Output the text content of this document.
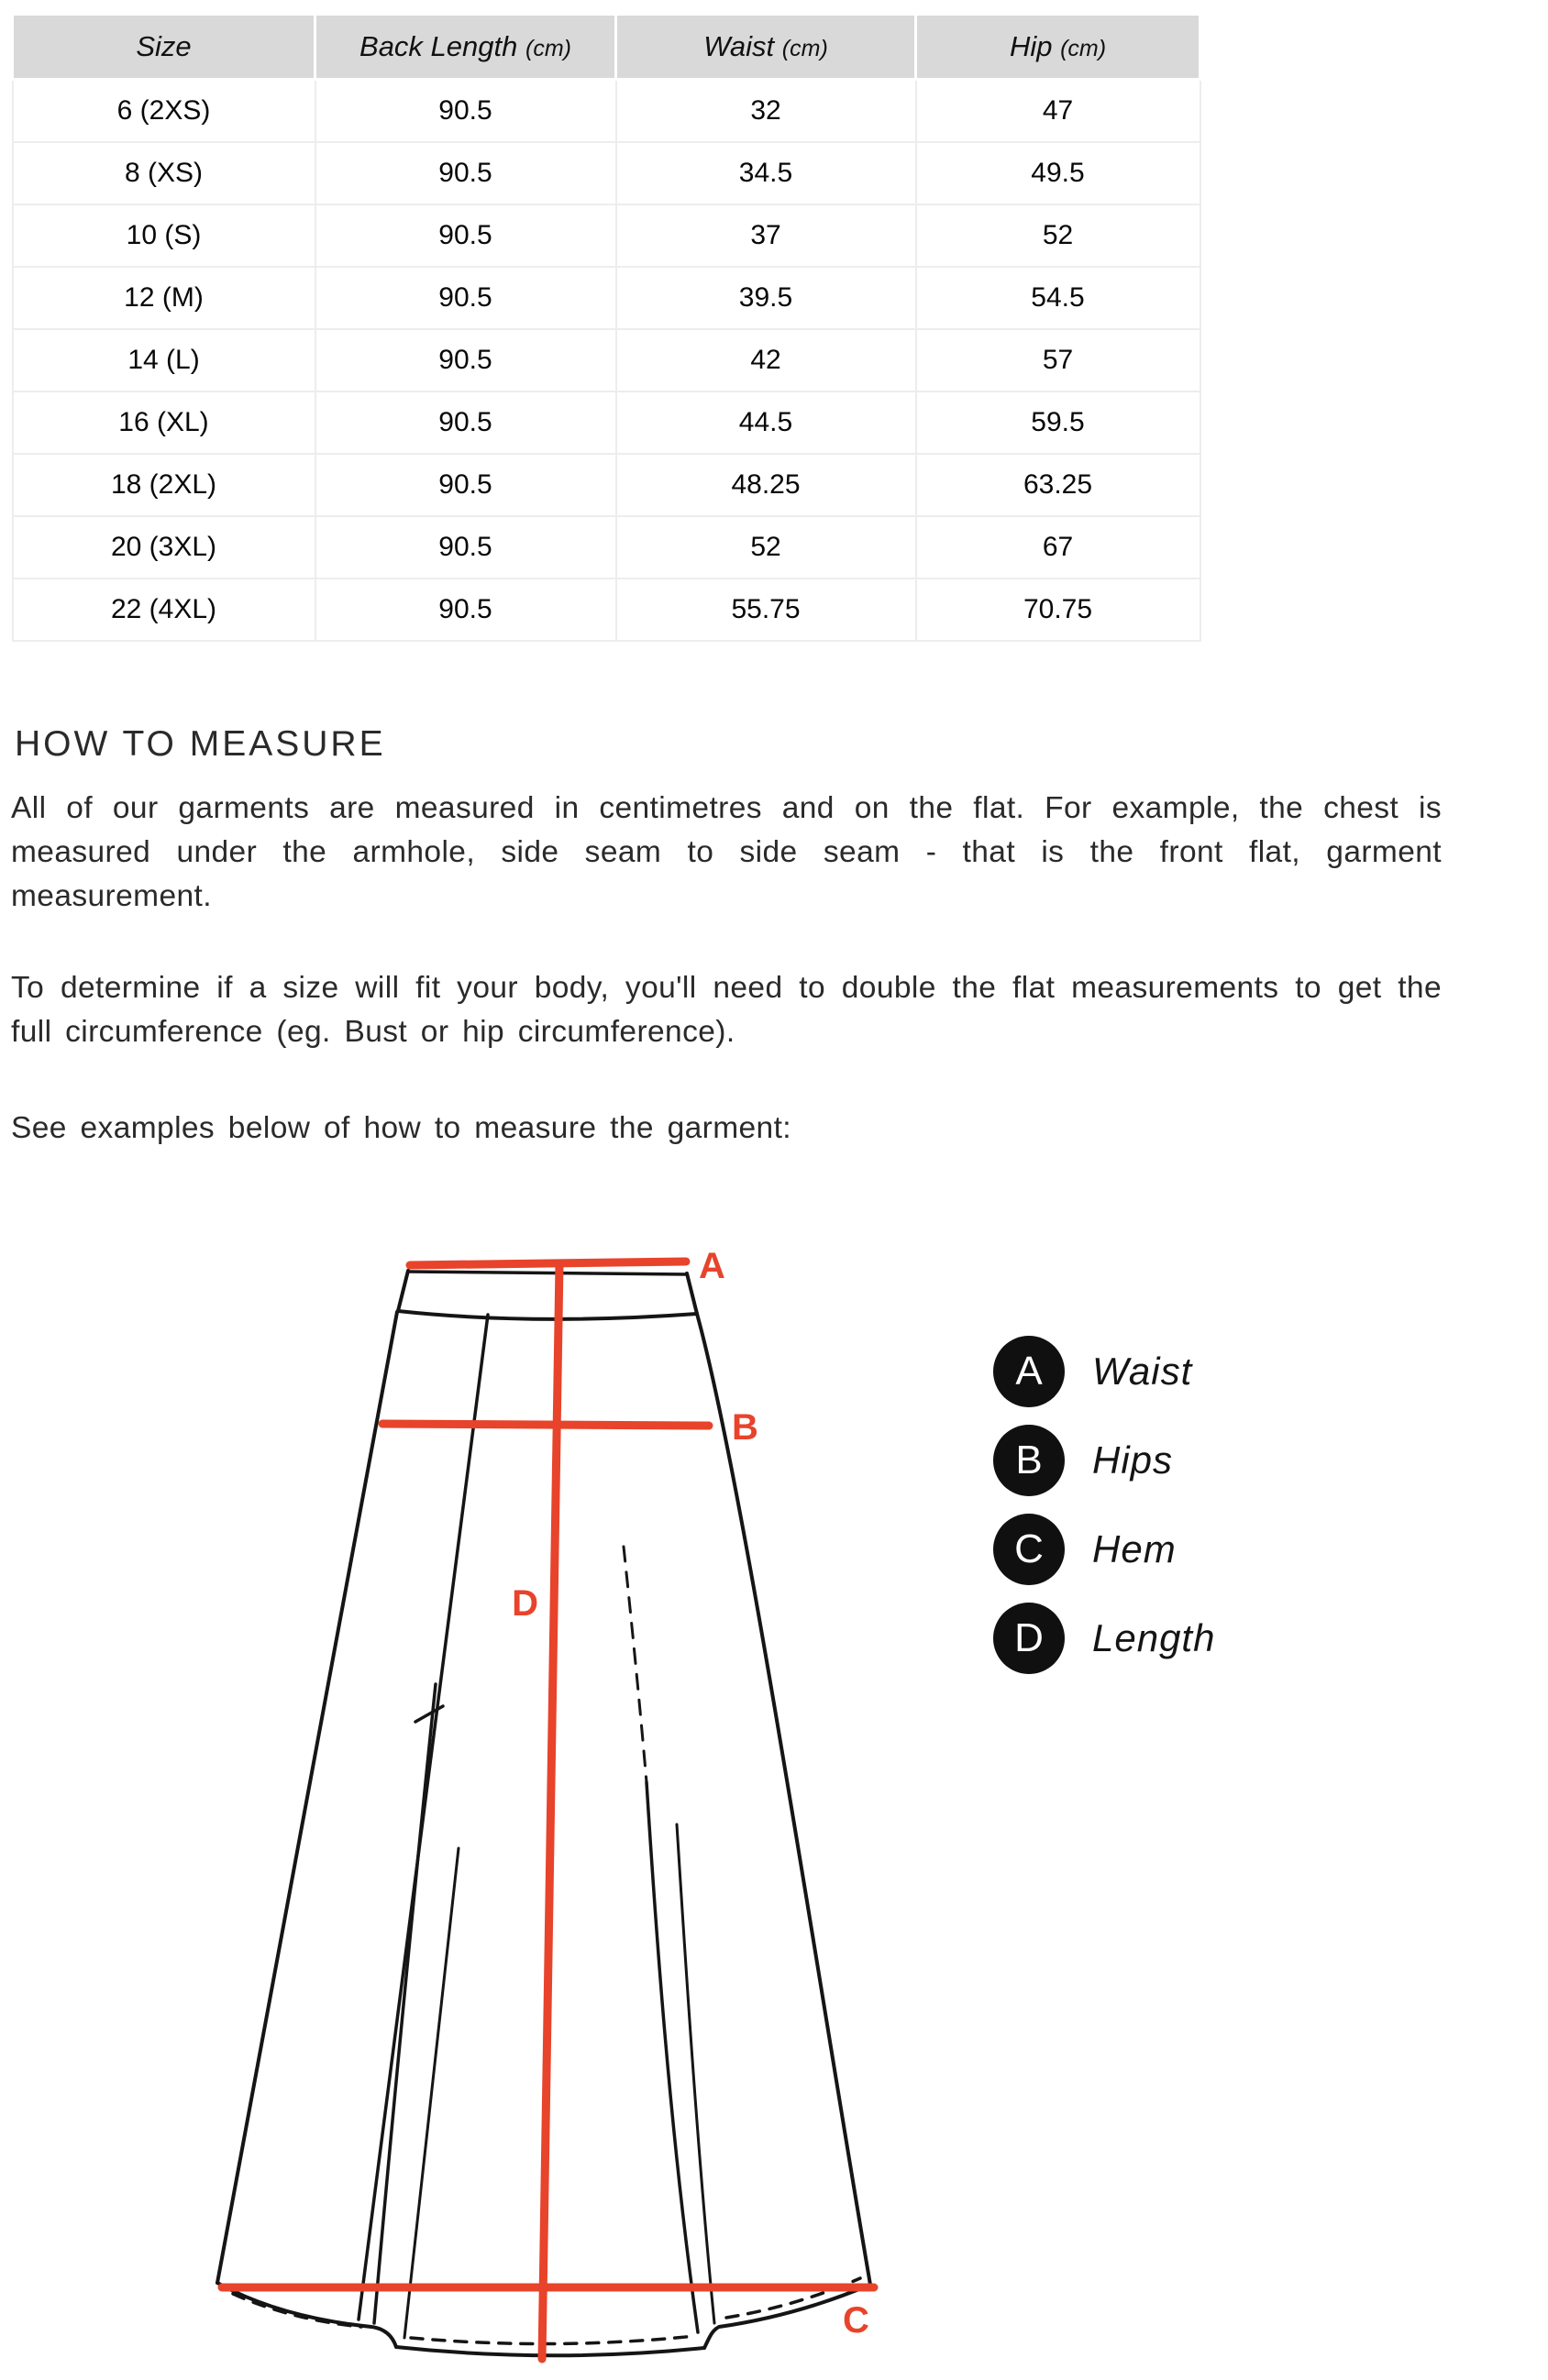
Size	Back Length (cm)	Waist (cm)	Hip (cm)
6 (2XS)	90.5	32	47
8 (XS)	90.5	34.5	49.5
10 (S)	90.5	37	52
12 (M)	90.5	39.5	54.5
14 (L)	90.5	42	57
16 (XL)	90.5	44.5	59.5
18 (2XL)	90.5	48.25	63.25
20 (3XL)	90.5	52	67
22 (4XL)	90.5	55.75	70.75
HOW TO MEASURE

All of our garments are measured in centimetres and on the flat. For example, the chest is measured under the armhole, side seam to side seam - that is the front flat, garment measurement.

To determine if a size will fit your body, you'll need to double the flat measurements to get the full circumference (eg. Bust or hip circumference).

See examples below of how to measure the garment:

A
B
C
D
A	Waist
B	Hips
C	Hem
D	Length
